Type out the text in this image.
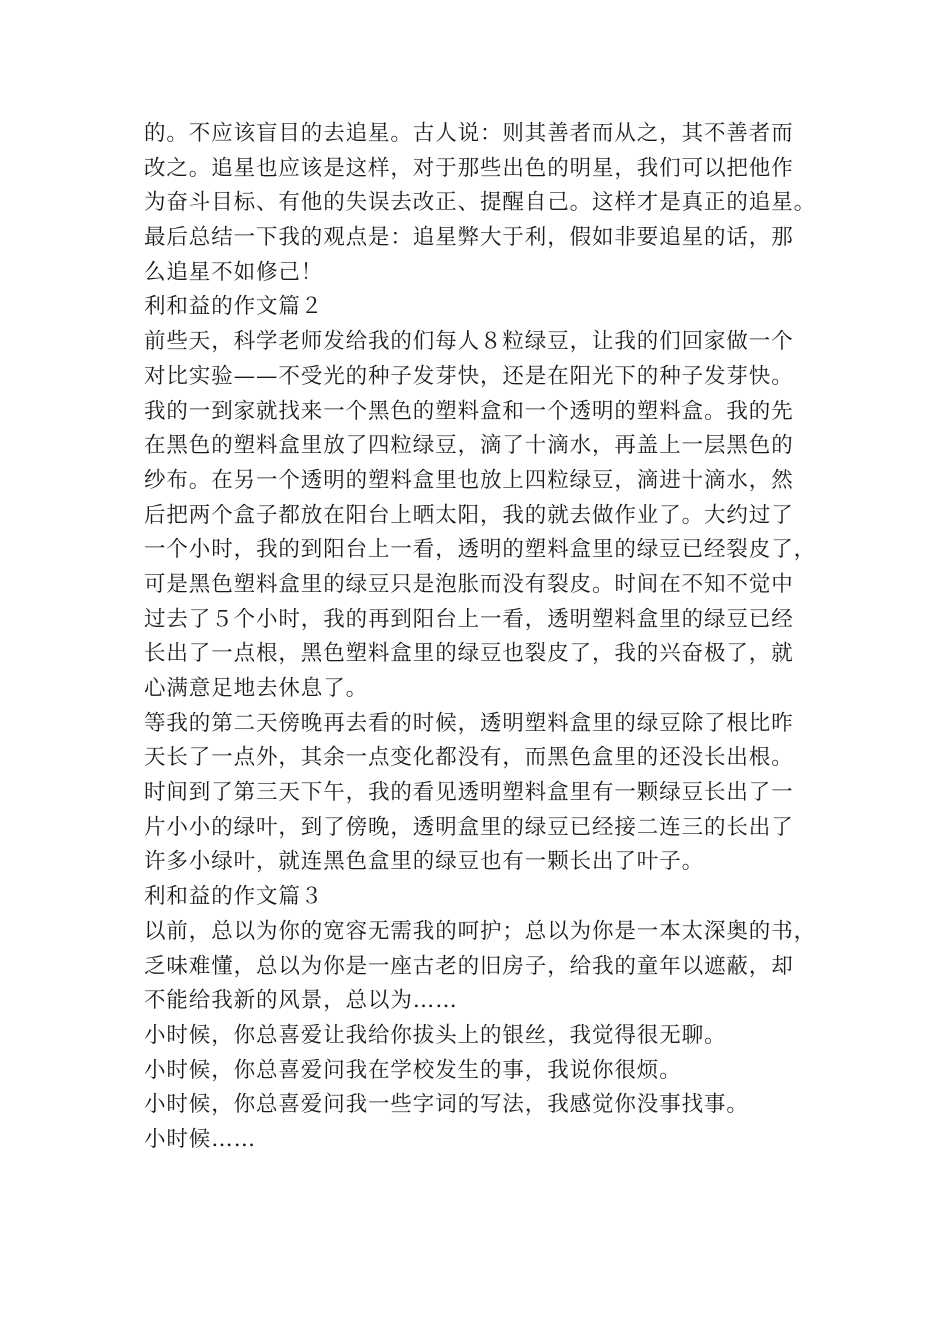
的。不应该盲目的去追星。古人说：则其善者而从之，其不善者而
改之。追星也应该是这样，对于那些出色的明星，我们可以把他作
为奋斗目标、有他的失误去改正、提醒自己。这样才是真正的追星。
最后总结一下我的观点是：追星弊大于利，假如非要追星的话，那
么追星不如修己！
利和益的作文篇２
前些天，科学老师发给我的们每人８粒绿豆，让我的们回家做一个
对比实验——不受光的种子发芽快，还是在阳光下的种子发芽快。
我的一到家就找来一个黑色的塑料盒和一个透明的塑料盒。我的先
在黑色的塑料盒里放了四粒绿豆，滴了十滴水，再盖上一层黑色的
纱布。在另一个透明的塑料盒里也放上四粒绿豆，滴进十滴水，然
后把两个盒子都放在阳台上晒太阳，我的就去做作业了。大约过了
一个小时，我的到阳台上一看，透明的塑料盒里的绿豆已经裂皮了，
可是黑色塑料盒里的绿豆只是泡胀而没有裂皮。时间在不知不觉中
过去了５个小时，我的再到阳台上一看，透明塑料盒里的绿豆已经
长出了一点根，黑色塑料盒里的绿豆也裂皮了，我的兴奋极了，就
心满意足地去休息了。
等我的第二天傍晚再去看的时候，透明塑料盒里的绿豆除了根比昨
天长了一点外，其余一点变化都没有，而黑色盒里的还没长出根。
时间到了第三天下午，我的看见透明塑料盒里有一颗绿豆长出了一
片小小的绿叶，到了傍晚，透明盒里的绿豆已经接二连三的长出了
许多小绿叶，就连黑色盒里的绿豆也有一颗长出了叶子。
利和益的作文篇３
以前，总以为你的宽容无需我的呵护；总以为你是一本太深奥的书，
乏味难懂，总以为你是一座古老的旧房子，给我的童年以遮蔽，却
不能给我新的风景，总以为……
小时候，你总喜爱让我给你拔头上的银丝，我觉得很无聊。
小时候，你总喜爱问我在学校发生的事，我说你很烦。
小时候，你总喜爱问我一些字词的写法，我感觉你没事找事。
小时候……
